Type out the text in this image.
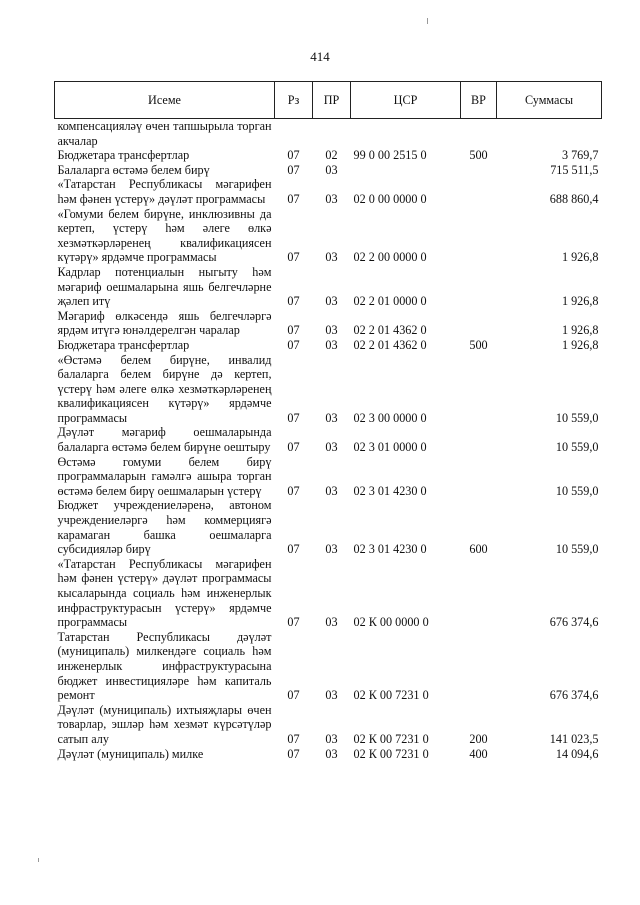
414
Исеме	Рз	ПР	ЦСР	ВР	Суммасы
компенсацияләү өчен тапшырыла торган акчалар					
Бюджетара трансфертлар	07	02	99 0 00 2515 0	500	3 769,7
Балаларга өстәмә белем бирү	07	03			715 511,5
«Татарстан Республикасы мәгарифен һәм фәнен үстерү» дәүләт программасы	07	03	02 0 00 0000 0		688 860,4
«Гомуми белем бирүне, инклюзивны да кертеп, үстерү һәм әлеге өлкә хезмәткәрләренең квалификациясен күтәрү» ярдәмче программасы	07	03	02 2 00 0000 0		1 926,8
Кадрлар потенциалын ныгыту һәм мәгариф оешмаларына яшь белгечләрне җәлеп итү	07	03	02 2 01 0000 0		1 926,8
Мәгариф өлкәсендә яшь белгечләргә ярдәм итүгә юнәлдерелгән чаралар	07	03	02 2 01 4362 0		1 926,8
Бюджетара трансфертлар	07	03	02 2 01 4362 0	500	1 926,8
«Өстәмә белем бирүне, инвалид балаларга белем бирүне дә кертеп, үстерү һәм әлеге өлкә хезмәткәрләренең квалификациясен күтәрү» ярдәмче программасы	07	03	02 3 00 0000 0		10 559,0
Дәүләт мәгариф оешмаларында балаларга өстәмә белем бирүне оештыру	07	03	02 3 01 0000 0		10 559,0
Өстәмә гомуми белем бирү программаларын гамәлгә ашыра торган өстәмә белем бирү оешмаларын үстерү	07	03	02 3 01 4230 0		10 559,0
Бюджет учреждениеләренә, автоном учреждениеләргә һәм коммерциягә карамаган башка оешмаларга субсидияләр бирү	07	03	02 3 01 4230 0	600	10 559,0
«Татарстан Республикасы мәгарифен һәм фәнен үстерү» дәүләт программасы кысаларында социаль һәм инженерлык инфраструктурасын үстерү» ярдәмче программасы	07	03	02 К 00 0000 0		676 374,6
Татарстан Республикасы дәүләт (муниципаль) милкендәге социаль һәм инженерлык инфраструктурасына бюджет инвестицияләре һәм капиталь ремонт	07	03	02 К 00 7231 0		676 374,6
Дәүләт (муниципаль) ихтыяҗлары өчен товарлар, эшләр һәм хезмәт күрсәтүләр сатып алу	07	03	02 К 00 7231 0	200	141 023,5
Дәүләт (муниципаль) милке	07	03	02 К 00 7231 0	400	14 094,6
